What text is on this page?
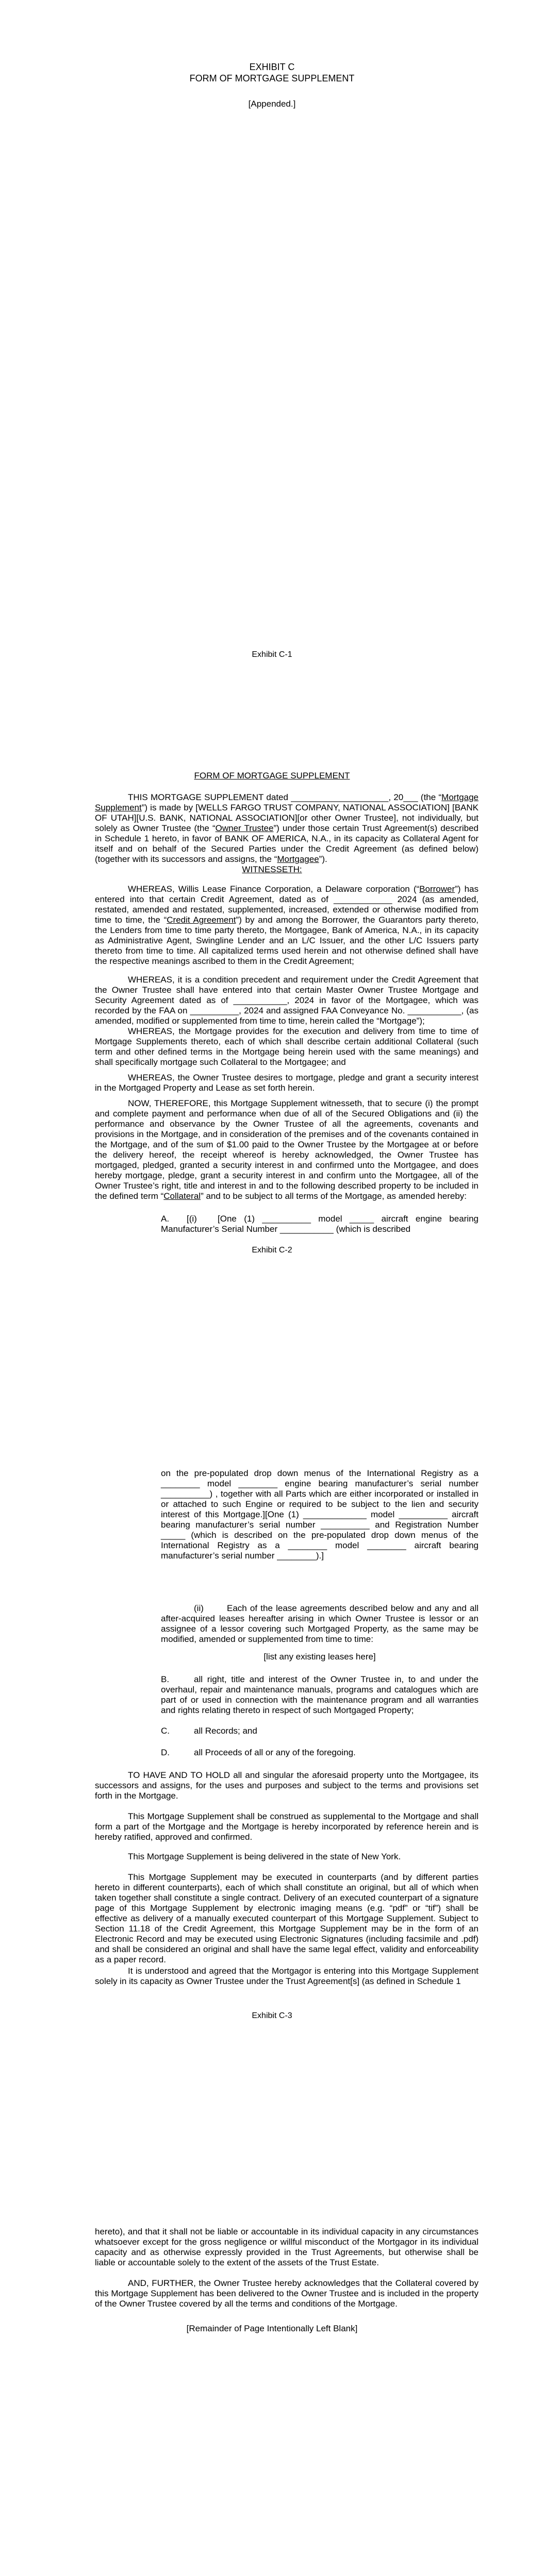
EXHIBIT C
FORM OF MORTGAGE SUPPLEMENT
[Appended.]
Exhibit C-1
FORM OF MORTGAGE SUPPLEMENT
THIS MORTGAGE SUPPLEMENT dated ____________________, 20___ (the “Mortgage Supplement”) is made by [WELLS FARGO TRUST COMPANY, NATIONAL ASSOCIATION] [BANK OF UTAH][U.S. BANK, NATIONAL ASSOCIATION][or other Owner Trustee], not individually, but solely as Owner Trustee (the “Owner Trustee”) under those certain Trust Agreement(s) described in Schedule 1 hereto, in favor of BANK OF AMERICA, N.A., in its capacity as Collateral Agent for itself and on behalf of the Secured Parties under the Credit Agreement (as defined below) (together with its successors and assigns, the “Mortgagee”).
WITNESSETH:
WHEREAS, Willis Lease Finance Corporation, a Delaware corporation (“Borrower”) has entered into that certain Credit Agreement, dated as of ____________ 2024 (as amended, restated, amended and restated, supplemented, increased, extended or otherwise modified from time to time, the “Credit Agreement”) by and among the Borrower, the Guarantors party thereto, the Lenders from time to time party thereto, the Mortgagee, Bank of America, N.A., in its capacity as Administrative Agent, Swingline Lender and an L/C Issuer, and the other L/C Issuers party thereto from time to time. All capitalized terms used herein and not otherwise defined shall have the respective meanings ascribed to them in the Credit Agreement;
WHEREAS, it is a condition precedent and requirement under the Credit Agreement that the Owner Trustee shall have entered into that certain Master Owner Trustee Mortgage and Security Agreement dated as of ___________, 2024 in favor of the Mortgagee, which was recorded by the FAA on __________, 2024 and assigned FAA Conveyance No. ___________, (as amended, modified or supplemented from time to time, herein called the “Mortgage”);
WHEREAS, the Mortgage provides for the execution and delivery from time to time of Mortgage Supplements thereto, each of which shall describe certain additional Collateral (such term and other defined terms in the Mortgage being herein used with the same meanings) and shall specifically mortgage such Collateral to the Mortgagee; and
WHEREAS, the Owner Trustee desires to mortgage, pledge and grant a security interest in the Mortgaged Property and Lease as set forth herein.
NOW, THEREFORE, this Mortgage Supplement witnesseth, that to secure (i) the prompt and complete payment and performance when due of all of the Secured Obligations and (ii) the performance and observance by the Owner Trustee of all the agreements, covenants and provisions in the Mortgage, and in consideration of the premises and of the covenants contained in the Mortgage, and of the sum of $1.00 paid to the Owner Trustee by the Mortgagee at or before the delivery hereof, the receipt whereof is hereby acknowledged, the Owner Trustee has mortgaged, pledged, granted a security interest in and confirmed unto the Mortgagee, and does hereby mortgage, pledge, grant a security interest in and confirm unto the Mortgagee, all of the Owner Trustee’s right, title and interest in and to the following described property to be included in the defined term “Collateral” and to be subject to all terms of the Mortgage, as amended hereby:
A. [(i)	[One (1) __________ model _____ aircraft engine bearing Manufacturer’s Serial Number ___________ (which is described
Exhibit C-2
on the pre-populated drop down menus of the International Registry as a ________ model ________ engine bearing manufacturer’s serial number __________) , together with all Parts which are either incorporated or installed in or attached to such Engine or required to be subject to the lien and security interest of this Mortgage.][One (1) _____________ model __________ aircraft bearing manufacturer’s serial number __________ and Registration Number _____ (which is described on the pre-populated drop down menus of the International Registry as a ________ model ________ aircraft bearing manufacturer’s serial number ________).]
(ii)	Each of the lease agreements described below and any and all after-acquired leases hereafter arising in which Owner Trustee is lessor or an assignee of a lessor covering such Mortgaged Property, as the same may be modified, amended or supplemented from time to time:
[list any existing leases here]
B.	all right, title and interest of the Owner Trustee in, to and under the overhaul, repair and maintenance manuals, programs and catalogues which are part of or used in connection with the maintenance program and all warranties and rights relating thereto in respect of such Mortgaged Property;
C.	all Records; and
D.	all Proceeds of all or any of the foregoing.
TO HAVE AND TO HOLD all and singular the aforesaid property unto the Mortgagee, its successors and assigns, for the uses and purposes and subject to the terms and provisions set forth in the Mortgage.
This Mortgage Supplement shall be construed as supplemental to the Mortgage and shall form a part of the Mortgage and the Mortgage is hereby incorporated by reference herein and is hereby ratified, approved and confirmed.
This Mortgage Supplement is being delivered in the state of New York.
This Mortgage Supplement may be executed in counterparts (and by different parties hereto in different counterparts), each of which shall constitute an original, but all of which when taken together shall constitute a single contract. Delivery of an executed counterpart of a signature page of this Mortgage Supplement by electronic imaging means (e.g. “pdf” or “tif”) shall be effective as delivery of a manually executed counterpart of this Mortgage Supplement. Subject to Section 11.18 of the Credit Agreement, this Mortgage Supplement may be in the form of an Electronic Record and may be executed using Electronic Signatures (including facsimile and .pdf) and shall be considered an original and shall have the same legal effect, validity and enforceability as a paper record.
It is understood and agreed that the Mortgagor is entering into this Mortgage Supplement solely in its capacity as Owner Trustee under the Trust Agreement[s] (as defined in Schedule 1
Exhibit C-3
hereto), and that it shall not be liable or accountable in its individual capacity in any circumstances whatsoever except for the gross negligence or willful misconduct of the Mortgagor in its individual capacity and as otherwise expressly provided in the Trust Agreements, but otherwise shall be liable or accountable solely to the extent of the assets of the Trust Estate.
AND, FURTHER, the Owner Trustee hereby acknowledges that the Collateral covered by this Mortgage Supplement has been delivered to the Owner Trustee and is included in the property of the Owner Trustee covered by all the terms and conditions of the Mortgage.
[Remainder of Page Intentionally Left Blank]
